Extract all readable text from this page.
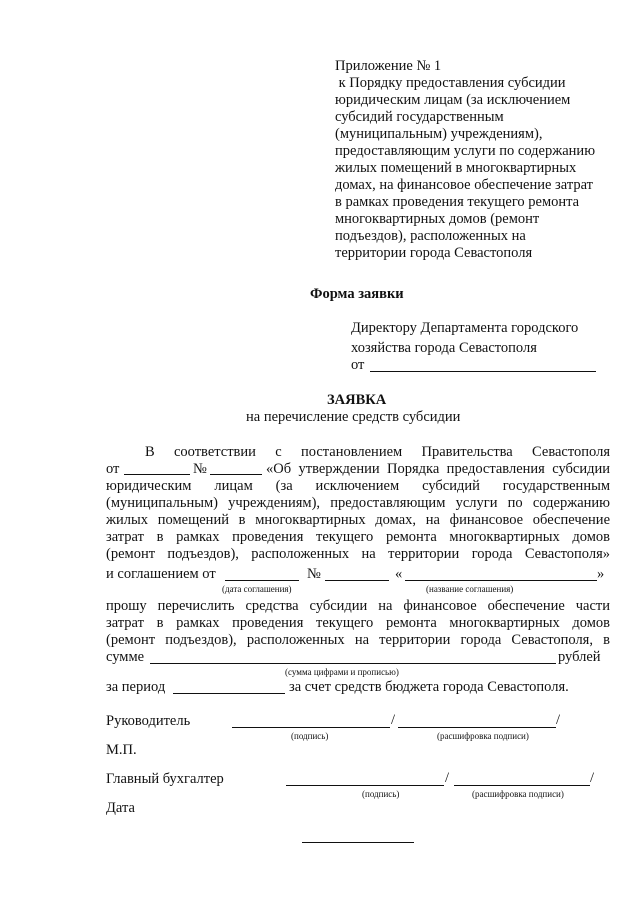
Приложение № 1
к Порядку предоставления субсидии
юридическим лицам (за исключением
субсидий государственным
(муниципальным) учреждениям),
предоставляющим услуги по содержанию
жилых помещений в многоквартирных
домах, на финансовое обеспечение затрат
в рамках проведения текущего ремонта
многоквартирных домов (ремонт
подъездов), расположенных на
территории города Севастополя
Форма заявки
Директору Департамента городского
хозяйства города Севастополя
от
ЗАЯВКА
на перечисление средств субсидии
В соответствии с постановлением Правительства Севастополя
от	№	«Об утверждении Порядка предоставления субсидии
юридическим лицам (за исключением субсидий государственным
(муниципальным) учреждениям), предоставляющим услуги по содержанию
жилых помещений в многоквартирных домах, на финансовое обеспечение
затрат в рамках проведения текущего ремонта многоквартирных домов
(ремонт подъездов), расположенных на территории города Севастополя»
и соглашением от	№	«	»
(дата соглашения)	(название соглашения)
прошу перечислить средства субсидии на финансовое обеспечение части
затрат в рамках проведения текущего ремонта многоквартирных домов
(ремонт подъездов), расположенных на территории города Севастополя, в
сумме	рублей
(сумма цифрами и прописью)
за период	за счет средств бюджета города Севастополя.
Руководитель	/	/
(подпись)	(расшифровка подписи)
М.П.
Главный бухгалтер	/	/
(подпись)	(расшифровка подписи)
Дата
